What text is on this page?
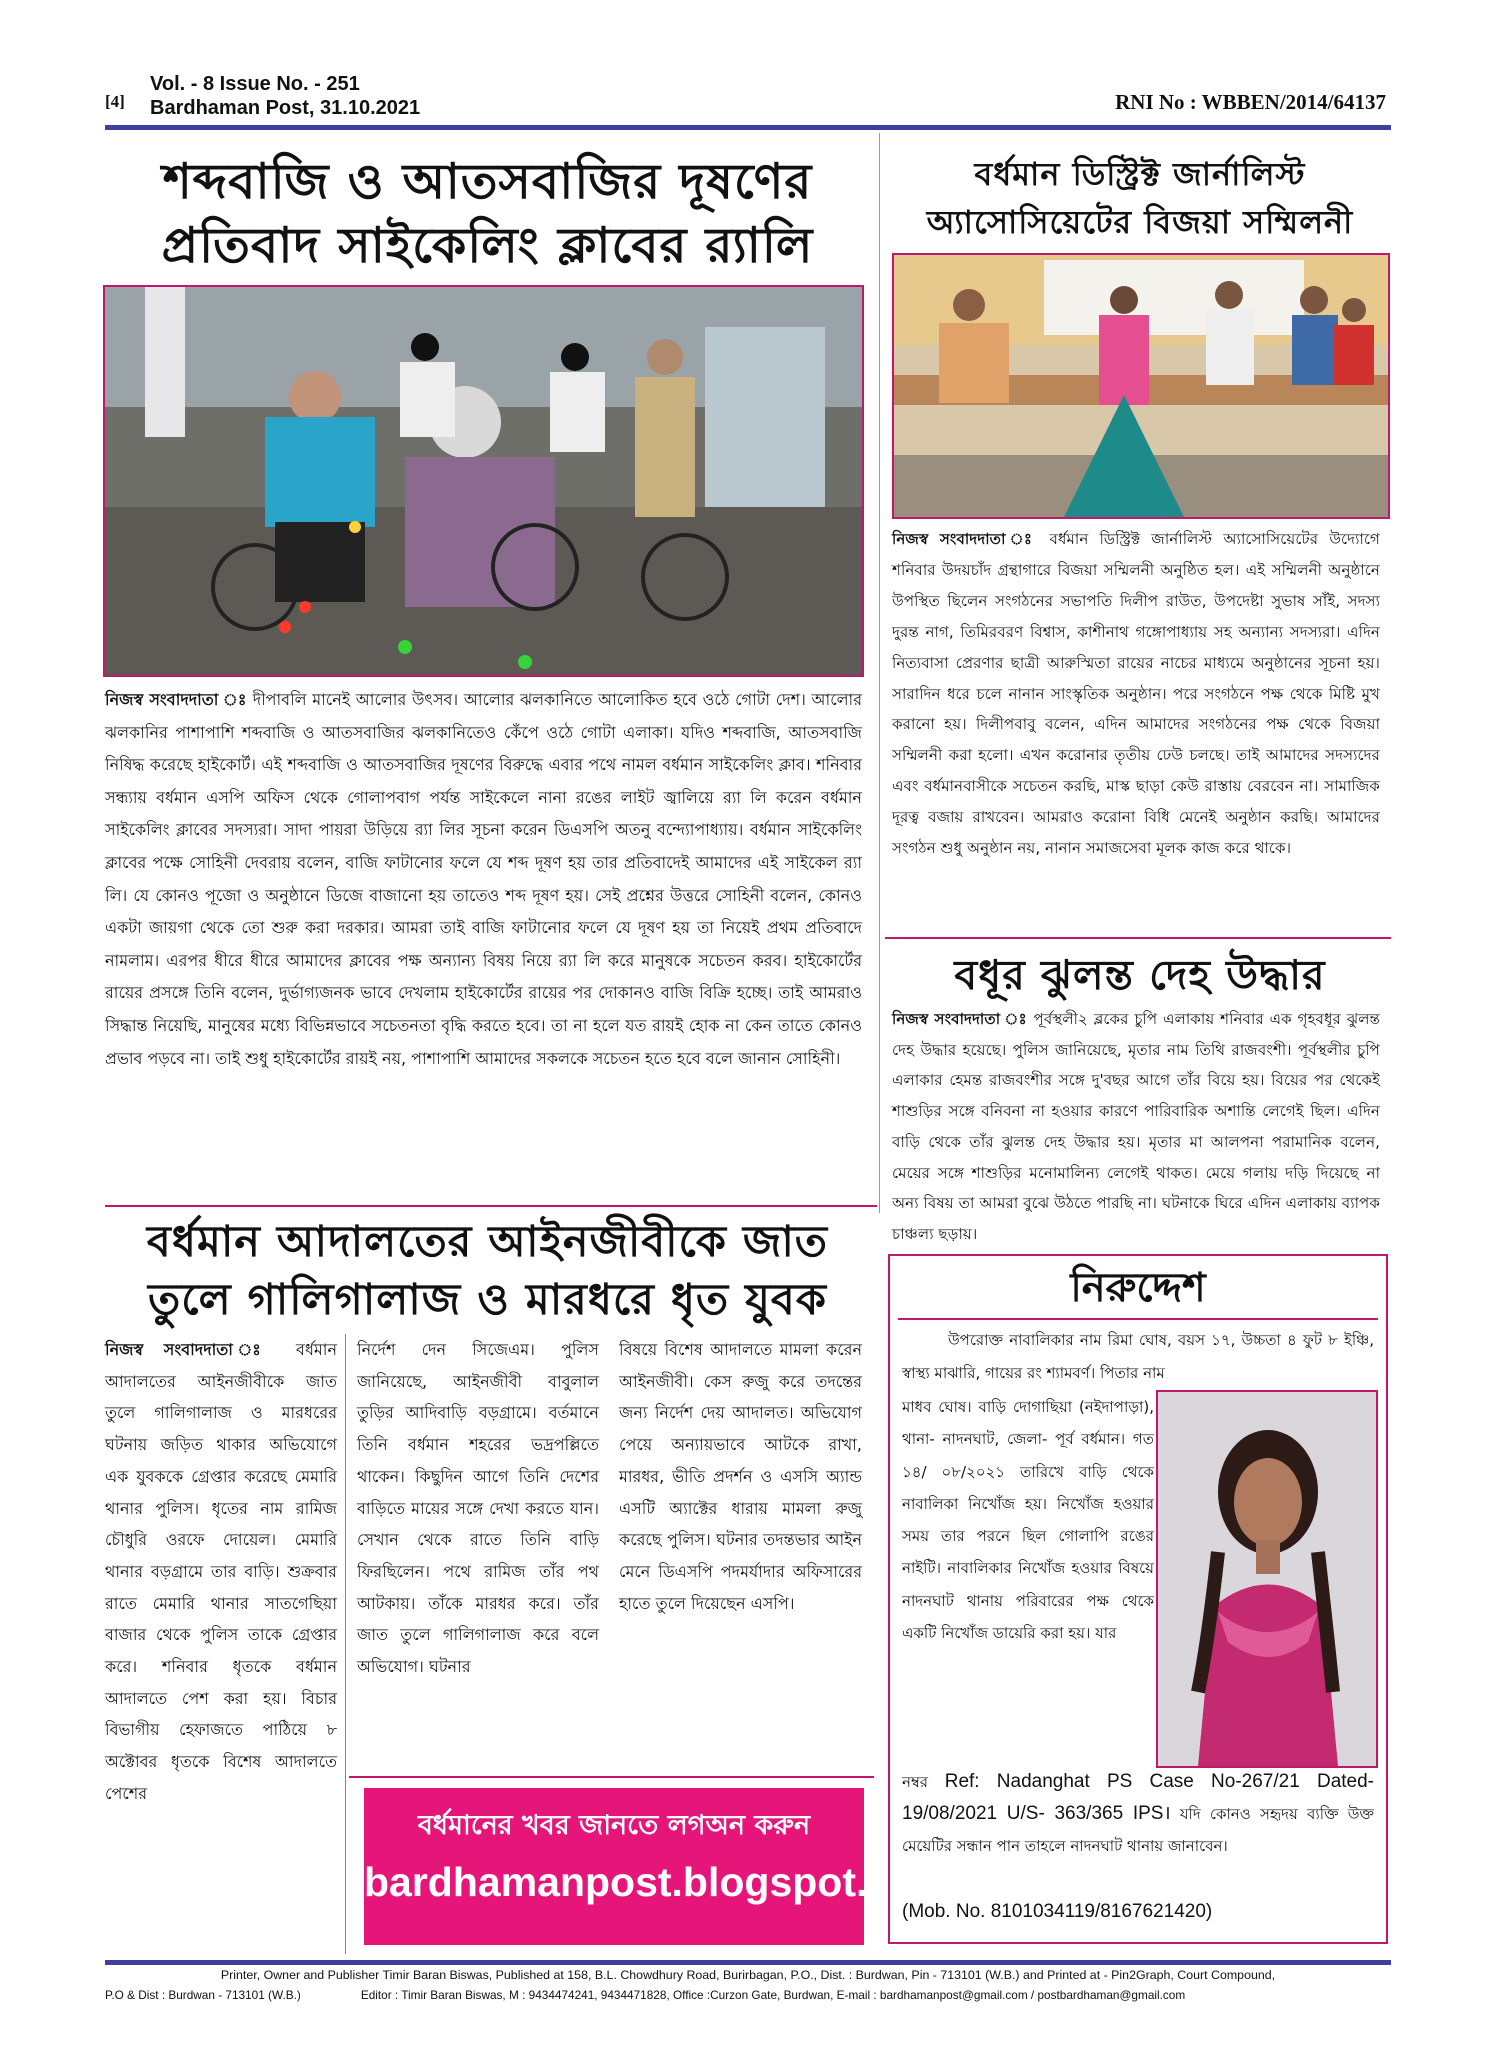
[4]
Vol. - 8 Issue No. - 251
Bardhaman Post, 31.10.2021	RNI No : WBBEN/2014/64137
শব্দবাজি ও আতসবাজির দূষণের
প্রতিবাদ সাইকেলিং ক্লাবের র‍্যালি
নিজস্ব সংবাদদাতা ঃ দীপাবলি মানেই আলোর উৎসব। আলোর ঝলকানিতে আলোকিত হবে ওঠে গোটা দেশ। আলোর ঝলকানির পাশাপাশি শব্দবাজি ও আতসবাজির ঝলকানিতেও কেঁপে ওঠে গোটা এলাকা। যদিও শব্দবাজি, আতসবাজি নিষিদ্ধ করেছে হাইকোর্ট। এই শব্দবাজি ও আতসবাজির দূষণের বিরুদ্ধে এবার পথে নামল বর্ধমান সাইকেলিং ক্লাব। শনিবার সন্ধ্যায় বর্ধমান এসপি অফিস থেকে গোলাপবাগ পর্যন্ত সাইকেলে নানা রঙের লাইট জ্বালিয়ে র‍্যা লি করেন বর্ধমান সাইকেলিং ক্লাবের সদস্যরা। সাদা পায়রা উড়িয়ে র‍্যা লির সূচনা করেন ডিএসপি অতনু বন্দ্যোপাধ্যায়। বর্ধমান সাইকেলিং ক্লাবের পক্ষে সোহিনী দেবরায় বলেন, বাজি ফাটানোর ফলে যে শব্দ দূষণ হয় তার প্রতিবাদেই আমাদের এই সাইকেল র‍্যা লি। যে কোনও পূজো ও অনুষ্ঠানে ডিজে বাজানো হয় তাতেও শব্দ দূষণ হয়। সেই প্রশ্নের উত্তরে সোহিনী বলেন, কোনও একটা জায়গা থেকে তো শুরু করা দরকার। আমরা তাই বাজি ফাটানোর ফলে যে দূষণ হয় তা নিয়েই প্রথম প্রতিবাদে নামলাম। এরপর ধীরে ধীরে আমাদের ক্লাবের পক্ষ অন্যান্য বিষয় নিয়ে র‍্যা লি করে মানুষকে সচেতন করব। হাইকোর্টের রায়ের প্রসঙ্গে তিনি বলেন, দুর্ভাগ্যজনক ভাবে দেখলাম হাইকোর্টের রায়ের পর দোকানও বাজি বিক্রি হচ্ছে। তাই আমরাও সিদ্ধান্ত নিয়েছি, মানুষের মধ্যে বিভিন্নভাবে সচেতনতা বৃদ্ধি করতে হবে। তা না হলে যত রায়ই হোক না কেন তাতে কোনও প্রভাব পড়বে না। তাই শুধু হাইকোর্টের রায়ই নয়, পাশাপাশি আমাদের সকলকে সচেতন হতে হবে বলে জানান সোহিনী।
বর্ধমান ডিস্ট্রিক্ট জার্নালিস্ট
অ্যাসোসিয়েটের বিজয়া সম্মিলনী
নিজস্ব সংবাদদাতা ঃ বর্ধমান ডিস্ট্রিক্ট জার্নালিস্ট অ্যাসোসিয়েটের উদ্যোগে শনিবার উদয়চাঁদ গ্রন্থাগারে বিজয়া সম্মিলনী অনুষ্ঠিত হল। এই সম্মিলনী অনুষ্ঠানে উপস্থিত ছিলেন সংগঠনের সভাপতি দিলীপ রাউত, উপদেষ্টা সুভাষ সাঁই, সদস্য দুরন্ত নাগ, তিমিরবরণ বিশ্বাস, কাশীনাথ গঙ্গোপাধ্যায় সহ অন্যান্য সদস্যরা। এদিন নিত্যবাসা প্রেরণার ছাত্রী আরুস্মিতা রায়ের নাচের মাধ্যমে অনুষ্ঠানের সূচনা হয়। সারাদিন ধরে চলে নানান সাংস্কৃতিক অনুষ্ঠান। পরে সংগঠনে পক্ষ থেকে মিষ্টি মুখ করানো হয়। দিলীপবাবু বলেন, এদিন আমাদের সংগঠনের পক্ষ থেকে বিজয়া সম্মিলনী করা হলো। এখন করোনার তৃতীয় ঢেউ চলছে। তাই আমাদের সদস্যদের এবং বর্ধমানবাসীকে সচেতন করছি, মাস্ক ছাড়া কেউ রাস্তায় বেরবেন না। সামাজিক দূরত্ব বজায় রাখবেন। আমরাও করোনা বিধি মেনেই অনুষ্ঠান করছি। আমাদের সংগঠন শুধু অনুষ্ঠান নয়, নানান সমাজসেবা মূলক কাজ করে থাকে।
বধূর ঝুলন্ত দেহ উদ্ধার
নিজস্ব সংবাদদাতা ঃ পূর্বস্থলী২ ব্লকের চুপি এলাকায় শনিবার এক গৃহবধূর ঝুলন্ত দেহ উদ্ধার হয়েছে। পুলিস জানিয়েছে, মৃতার নাম তিথি রাজবংশী। পূর্বস্থলীর চুপি এলাকার হেমন্ত রাজবংশীর সঙ্গে দু'বছর আগে তাঁর বিয়ে হয়। বিয়ের পর থেকেই শাশুড়ির সঙ্গে বনিবনা না হওয়ার কারণে পারিবারিক অশান্তি লেগেই ছিল। এদিন বাড়ি থেকে তাঁর ঝুলন্ত দেহ উদ্ধার হয়। মৃতার মা আলপনা পরামানিক বলেন, মেয়ের সঙ্গে শাশুড়ির মনোমালিন্য লেগেই থাকত। মেয়ে গলায় দড়ি দিয়েছে না অন্য বিষয় তা আমরা বুঝে উঠতে পারছি না। ঘটনাকে ঘিরে এদিন এলাকায় ব্যাপক চাঞ্চল্য ছড়ায়।
বর্ধমান আদালতের আইনজীবীকে জাত
তুলে গালিগালাজ ও মারধরে ধৃত যুবক
নিজস্ব সংবাদদাতা ঃ বর্ধমান আদালতের আইনজীবীকে জাত তুলে গালিগালাজ ও মারধরের ঘটনায় জড়িত থাকার অভিযোগে এক যুবককে গ্রেপ্তার করেছে মেমারি থানার পুলিস। ধৃতের নাম রামিজ চৌধুরি ওরফে দোয়েল। মেমারি থানার বড়গ্রামে তার বাড়ি। শুক্রবার রাতে মেমারি থানার সাতগেছিয়া বাজার থেকে পুলিস তাকে গ্রেপ্তার করে। শনিবার ধৃতকে বর্ধমান আদালতে পেশ করা হয়। বিচার বিভাগীয় হেফাজতে পাঠিয়ে ৮ অক্টোবর ধৃতকে বিশেষ আদালতে পেশের
নির্দেশ দেন সিজেএম। পুলিস জানিয়েছে, আইনজীবী বাবুলাল তুড়ির আদিবাড়ি বড়গ্রামে। বর্তমানে তিনি বর্ধমান শহরের ভদ্রপল্লিতে থাকেন। কিছুদিন আগে তিনি দেশের বাড়িতে মায়ের সঙ্গে দেখা করতে যান। সেখান থেকে রাতে তিনি বাড়ি ফিরছিলেন। পথে রামিজ তাঁর পথ আটকায়। তাঁকে মারধর করে। তাঁর জাত তুলে গালিগালাজ করে বলে অভিযোগ। ঘটনার
বিষয়ে বিশেষ আদালতে মামলা করেন আইনজীবী। কেস রুজু করে তদন্তের জন্য নির্দেশ দেয় আদালত। অভিযোগ পেয়ে অন্যায়ভাবে আটকে রাখা, মারধর, ভীতি প্রদর্শন ও এসসি অ্যান্ড এসটি অ্যাক্টের ধারায় মামলা রুজু করেছে পুলিস। ঘটনার তদন্তভার আইন মেনে ডিএসপি পদমর্যাদার অফিসারের হাতে তুলে দিয়েছেন এসপি।
বর্ধমানের খবর জানতে লগঅন করুন
bardhamanpost.blogspot.com
নিরুদ্দেশ
উপরোক্ত নাবালিকার নাম রিমা ঘোষ, বয়স ১৭, উচ্চতা ৪ ফুট ৮ ইঞ্চি, স্বাস্থ্য মাঝারি, গায়ের রং শ্যামবর্ণ। পিতার নাম
মাধব ঘোষ। বাড়ি দোগাছিয়া (নইদাপাড়া), থানা- নাদনঘাট, জেলা- পূর্ব বর্ধমান। গত ১৪/ ০৮/২০২১ তারিখে বাড়ি থেকে নাবালিকা নিখোঁজ হয়। নিখোঁজ হওয়ার সময় তার পরনে ছিল গোলাপি রঙের নাইটি। নাবালিকার নিখোঁজ হওয়ার বিষয়ে নাদনঘাট থানায় পরিবারের পক্ষ থেকে একটি নিখোঁজ ডায়েরি করা হয়। যার
নম্বর Ref: Nadanghat PS Case No-267/21 Dated-19/08/2021 U/S- 363/365 IPS। যদি কোনও সহৃদয় ব্যক্তি উক্ত মেয়েটির সন্ধান পান তাহলে নাদনঘাট থানায় জানাবেন।
(Mob. No. 8101034119/8167621420)
Printer, Owner and Publisher Timir Baran Biswas, Published at 158, B.L. Chowdhury Road, Burirbagan, P.O., Dist. : Burdwan, Pin - 713101 (W.B.) and Printed at - Pin2Graph, Court Compound,
P.O & Dist : Burdwan - 713101 (W.B.)	Editor : Timir Baran Biswas, M : 9434474241, 9434471828, Office :Curzon Gate, Burdwan, E-mail : bardhamanpost@gmail.com / postbardhaman@gmail.com
